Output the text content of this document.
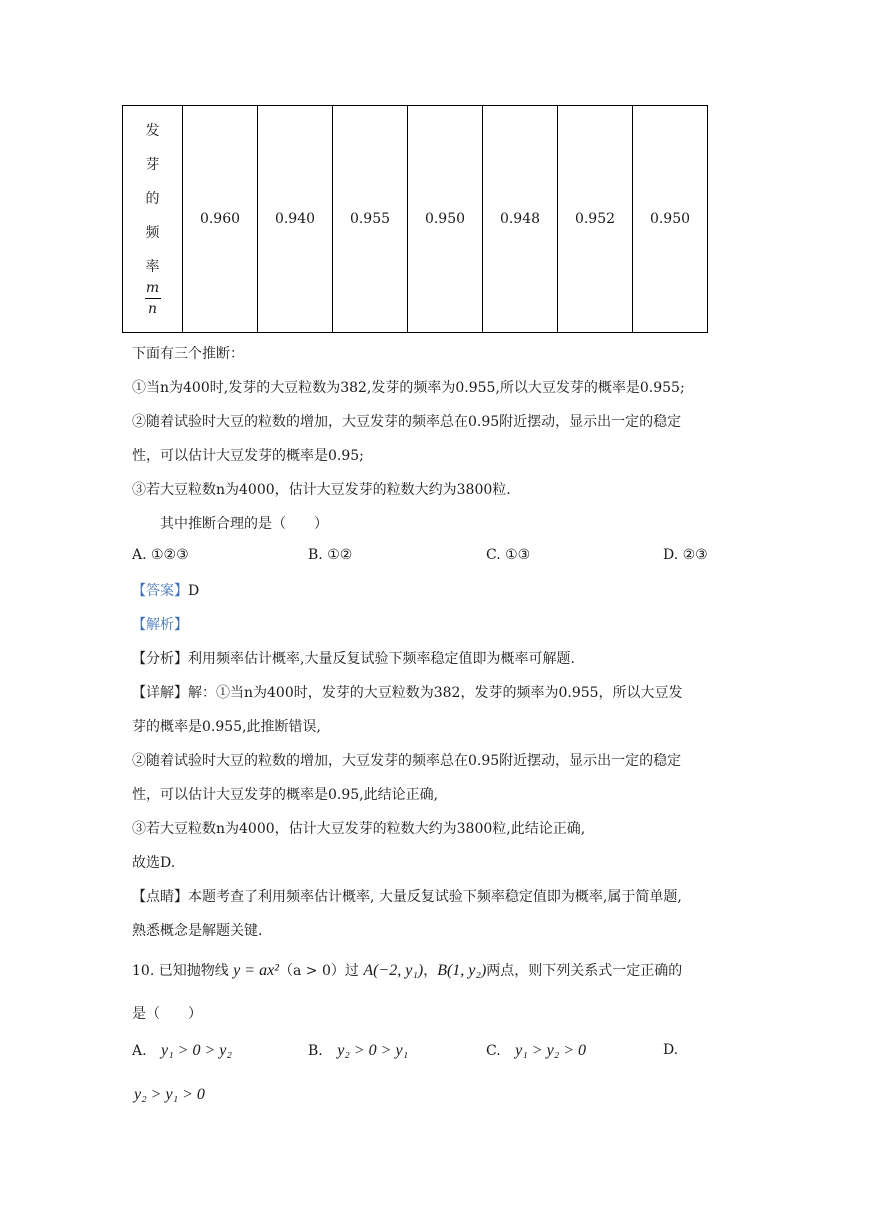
发
芽
的
频
率
m
n
	0.960	0.940	0.955	0.950	0.948	0.952	0.950
下面有三个推断：
①当n为400时,发芽的大豆粒数为382,发芽的频率为0.955,所以大豆发芽的概率是0.955;
②随着试验时大豆的粒数的增加，大豆发芽的频率总在0.95附近摆动，显示出一定的稳定
性，可以估计大豆发芽的概率是0.95;
③若大豆粒数n为4000，估计大豆发芽的粒数大约为3800粒.
其中推断合理的是（　　）
A. ①②③	B. ①②	C. ①③	D. ②③
【答案】D
【解析】
【分析】利用频率估计概率,大量反复试验下频率稳定值即为概率可解题.
【详解】解：①当n为400时，发芽的大豆粒数为382，发芽的频率为0.955，所以大豆发
芽的概率是0.955,此推断错误,
②随着试验时大豆的粒数的增加，大豆发芽的频率总在0.95附近摆动，显示出一定的稳定
性，可以估计大豆发芽的概率是0.95,此结论正确,
③若大豆粒数n为4000，估计大豆发芽的粒数大约为3800粒,此结论正确,
故选D.
【点睛】本题考查了利用频率估计概率, 大量反复试验下频率稳定值即为概率,属于简单题,
熟悉概念是解题关键.
10. 已知抛物线 y = ax²（a > 0）过 A(−2, y₁)，B(1, y₂)两点，则下列关系式一定正确的
是（　　）
A. y₁ > 0 > y₂	B. y₂ > 0 > y₁	C. y₁ > y₂ > 0	D.
y₂ > y₁ > 0
